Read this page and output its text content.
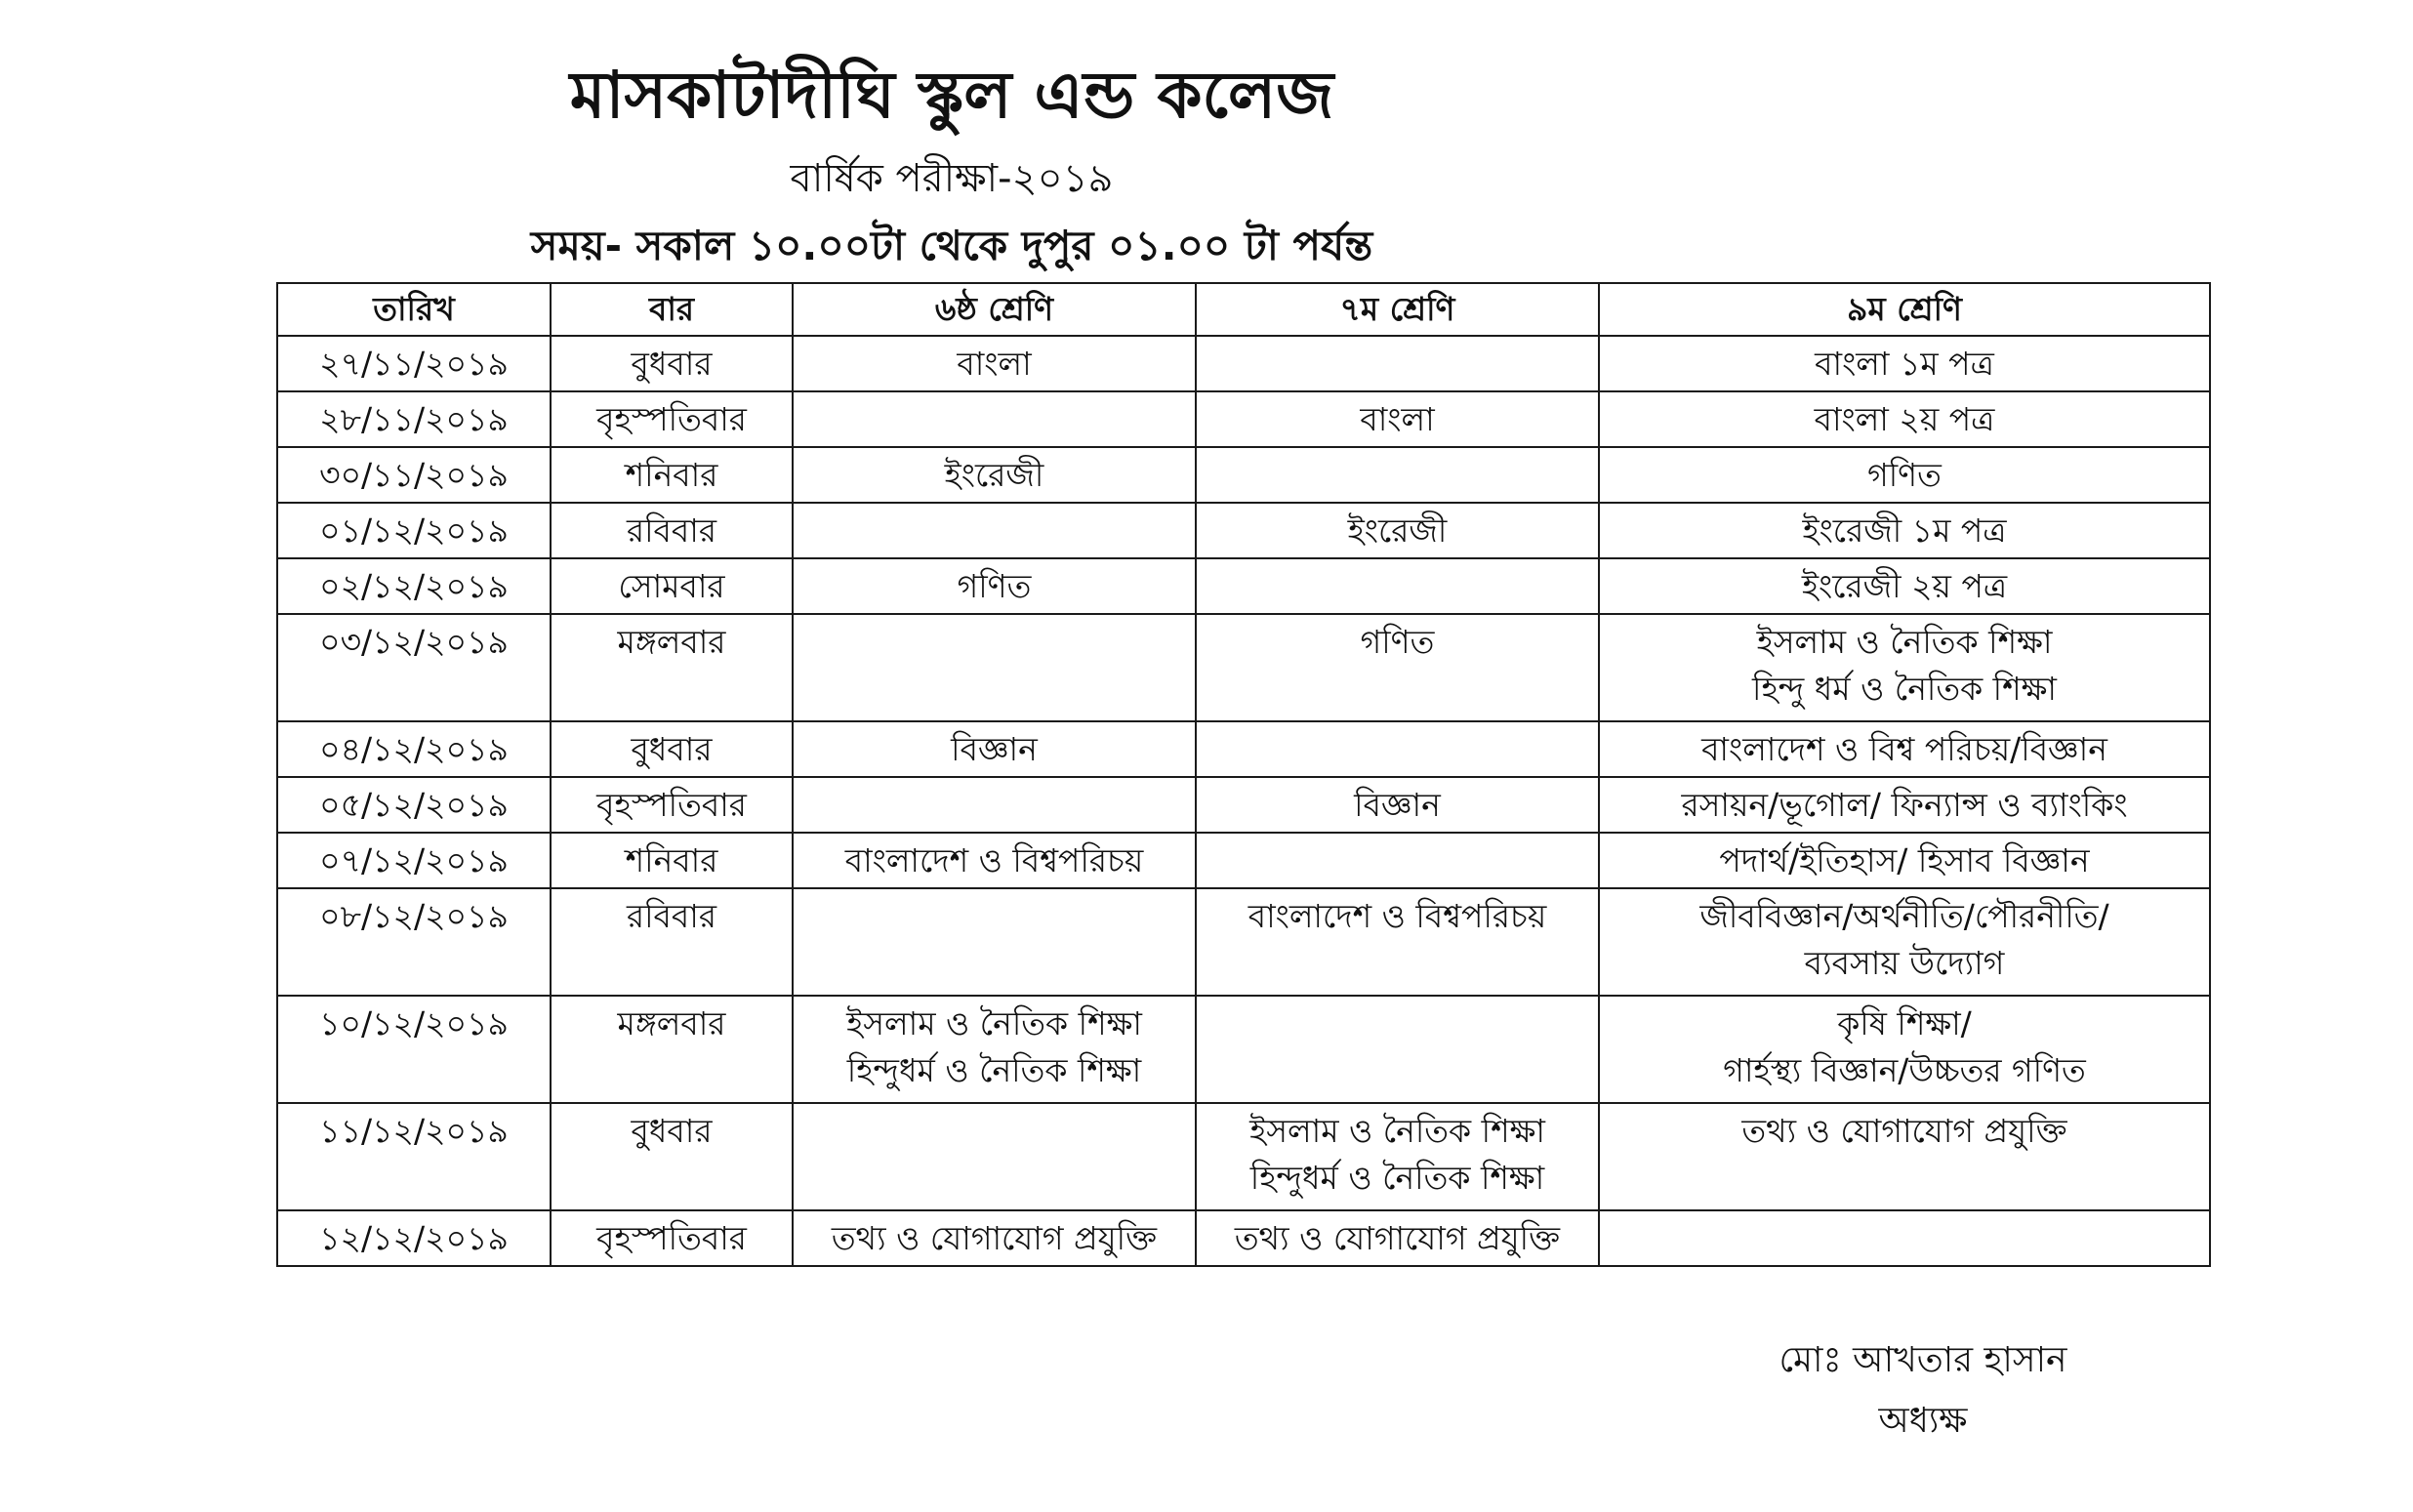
মাসকাটাদীঘি স্কুল এন্ড কলেজ
বার্ষিক পরীক্ষা-২০১৯
সময়- সকাল ১০.০০টা থেকে দুপুর ০১.০০ টা পর্যন্ত
তারিখ	বার	৬ষ্ঠ শ্রেণি	৭ম শ্রেণি	৯ম শ্রেণি
২৭/১১/২০১৯	বুধবার	বাংলা		বাংলা ১ম পত্র

২৮/১১/২০১৯	বৃহস্পতিবার		বাংলা	বাংলা ২য় পত্র

৩০/১১/২০১৯	শনিবার	ইংরেজী		গণিত

০১/১২/২০১৯	রবিবার		ইংরেজী	ইংরেজী ১ম পত্র

০২/১২/২০১৯	সোমবার	গণিত		ইংরেজী ২য় পত্র

০৩/১২/২০১৯	মঙ্গলবার		গণিত	ইসলাম ও নৈতিক শিক্ষা
হিন্দু ধর্ম ও নৈতিক শিক্ষা

০৪/১২/২০১৯	বুধবার	বিজ্ঞান		বাংলাদেশ ও বিশ্ব পরিচয়/বিজ্ঞান

০৫/১২/২০১৯	বৃহস্পতিবার		বিজ্ঞান	রসায়ন/ভূগোল/ ফিন্যান্স ও ব্যাংকিং

০৭/১২/২০১৯	শনিবার	বাংলাদেশ ও বিশ্বপরিচয়		পদার্থ/ইতিহাস/ হিসাব বিজ্ঞান

০৮/১২/২০১৯	রবিবার		বাংলাদেশ ও বিশ্বপরিচয়	জীববিজ্ঞান/অর্থনীতি/পৌরনীতি/
ব্যবসায় উদ্যোগ

১০/১২/২০১৯	মঙ্গলবার	ইসলাম ও নৈতিক শিক্ষা
হিন্দুধর্ম ও নৈতিক শিক্ষা		কৃষি শিক্ষা/
গার্হস্থ্য বিজ্ঞান/উচ্চতর গণিত

১১/১২/২০১৯	বুধবার		ইসলাম ও নৈতিক শিক্ষা
হিন্দুধর্ম ও নৈতিক শিক্ষা	তথ্য ও যোগাযোগ প্রযুক্তি

১২/১২/২০১৯	বৃহস্পতিবার	তথ্য ও যোগাযোগ প্রযুক্তি	তথ্য ও যোগাযোগ প্রযুক্তি	

মোঃ আখতার হাসান
অধ্যক্ষ
